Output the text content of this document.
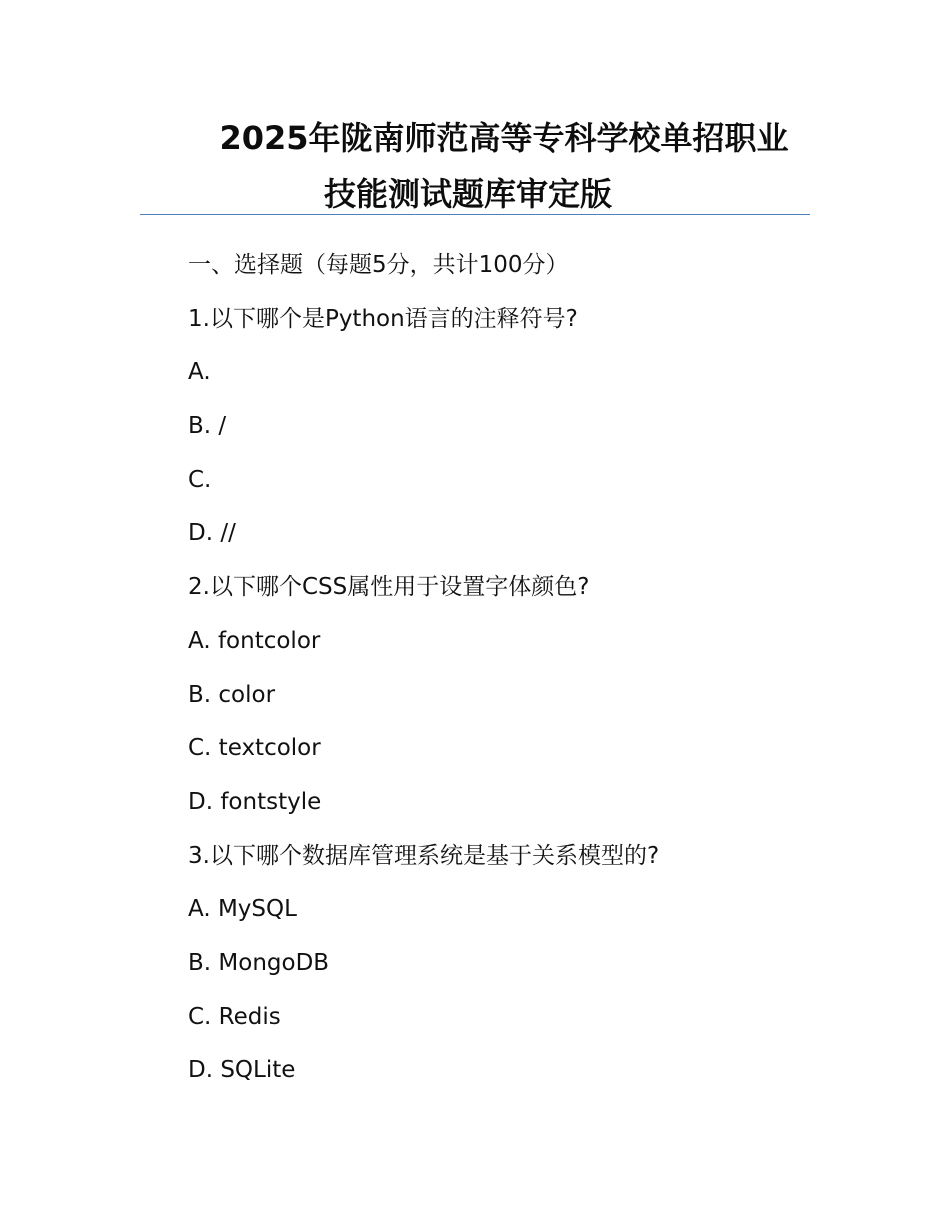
2025年陇南师范高等专科学校单招职业
技能测试题库审定版
一、选择题（每题5分，共计100分）
1.以下哪个是Python语言的注释符号?
A.
B. /
C.
D. //
2.以下哪个CSS属性用于设置字体颜色?
A. fontcolor
B. color
C. textcolor
D. fontstyle
3.以下哪个数据库管理系统是基于关系模型的?
A. MySQL
B. MongoDB
C. Redis
D. SQLite
